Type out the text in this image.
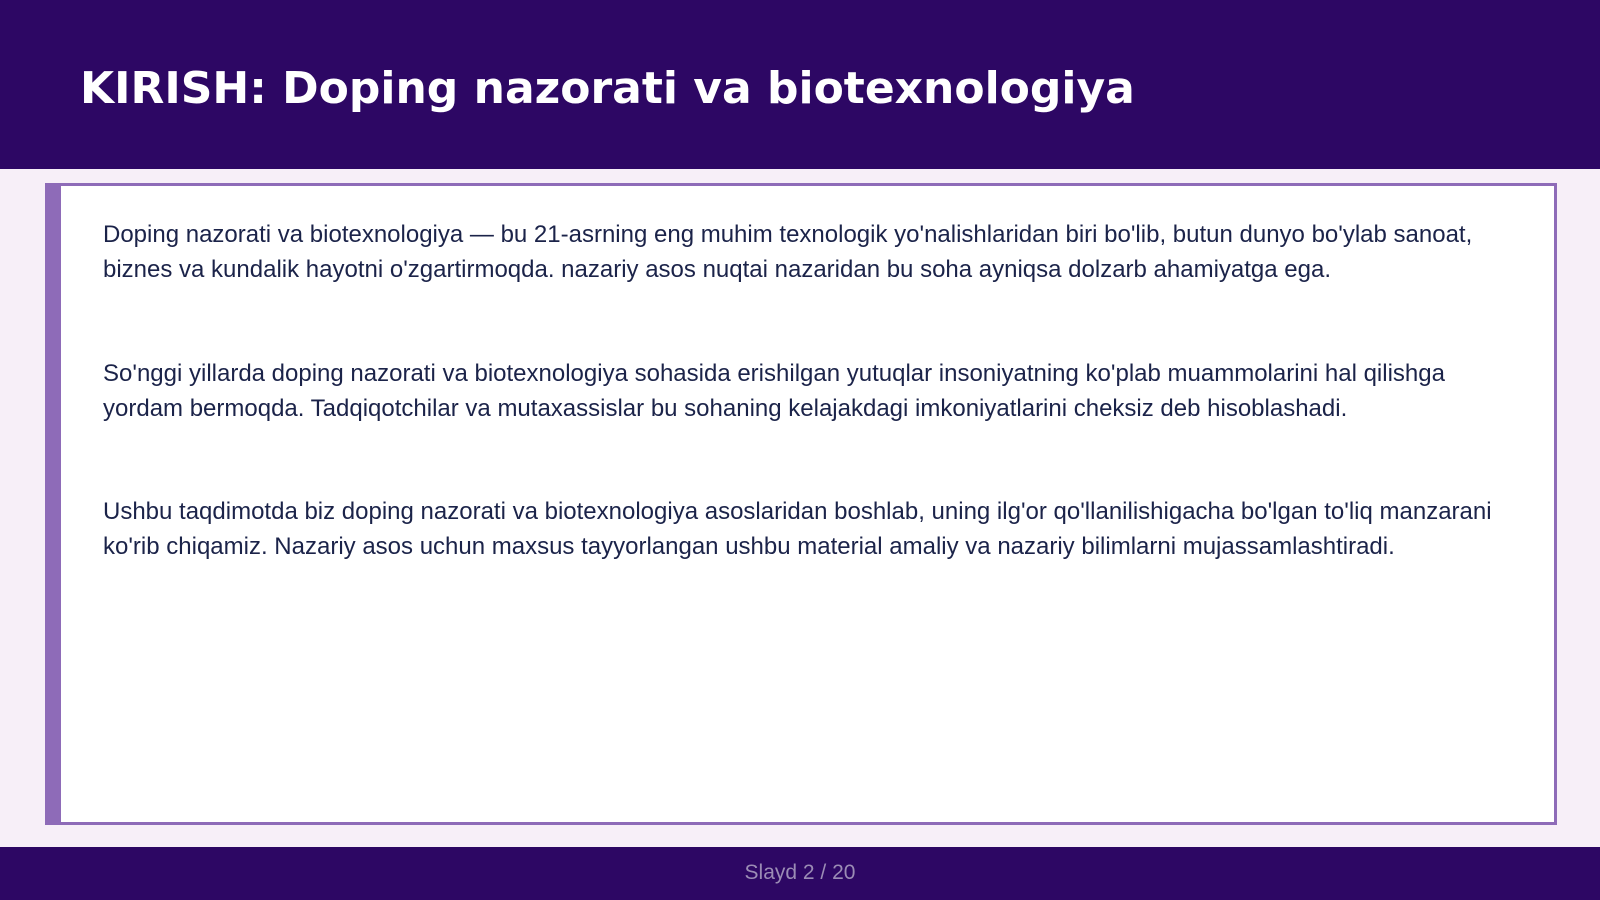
KIRISH: Doping nazorati va biotexnologiya

Doping nazorati va biotexnologiya — bu 21-asrning eng muhim texnologik yo'nalishlaridan biri bo'lib, butun dunyo bo'ylab sanoat, biznes va kundalik hayotni o'zgartirmoqda. nazariy asos nuqtai nazaridan bu soha ayniqsa dolzarb ahamiyatga ega.

So'nggi yillarda doping nazorati va biotexnologiya sohasida erishilgan yutuqlar insoniyatning ko'plab muammolarini hal qilishga yordam bermoqda. Tadqiqotchilar va mutaxassislar bu sohaning kelajakdagi imkoniyatlarini cheksiz deb hisoblashadi.

Ushbu taqdimotda biz doping nazorati va biotexnologiya asoslaridan boshlab, uning ilg'or qo'llanilishigacha bo'lgan to'liq manzarani ko'rib chiqamiz. Nazariy asos uchun maxsus tayyorlangan ushbu material amaliy va nazariy bilimlarni mujassamlashtiradi.

Slayd 2 / 20
